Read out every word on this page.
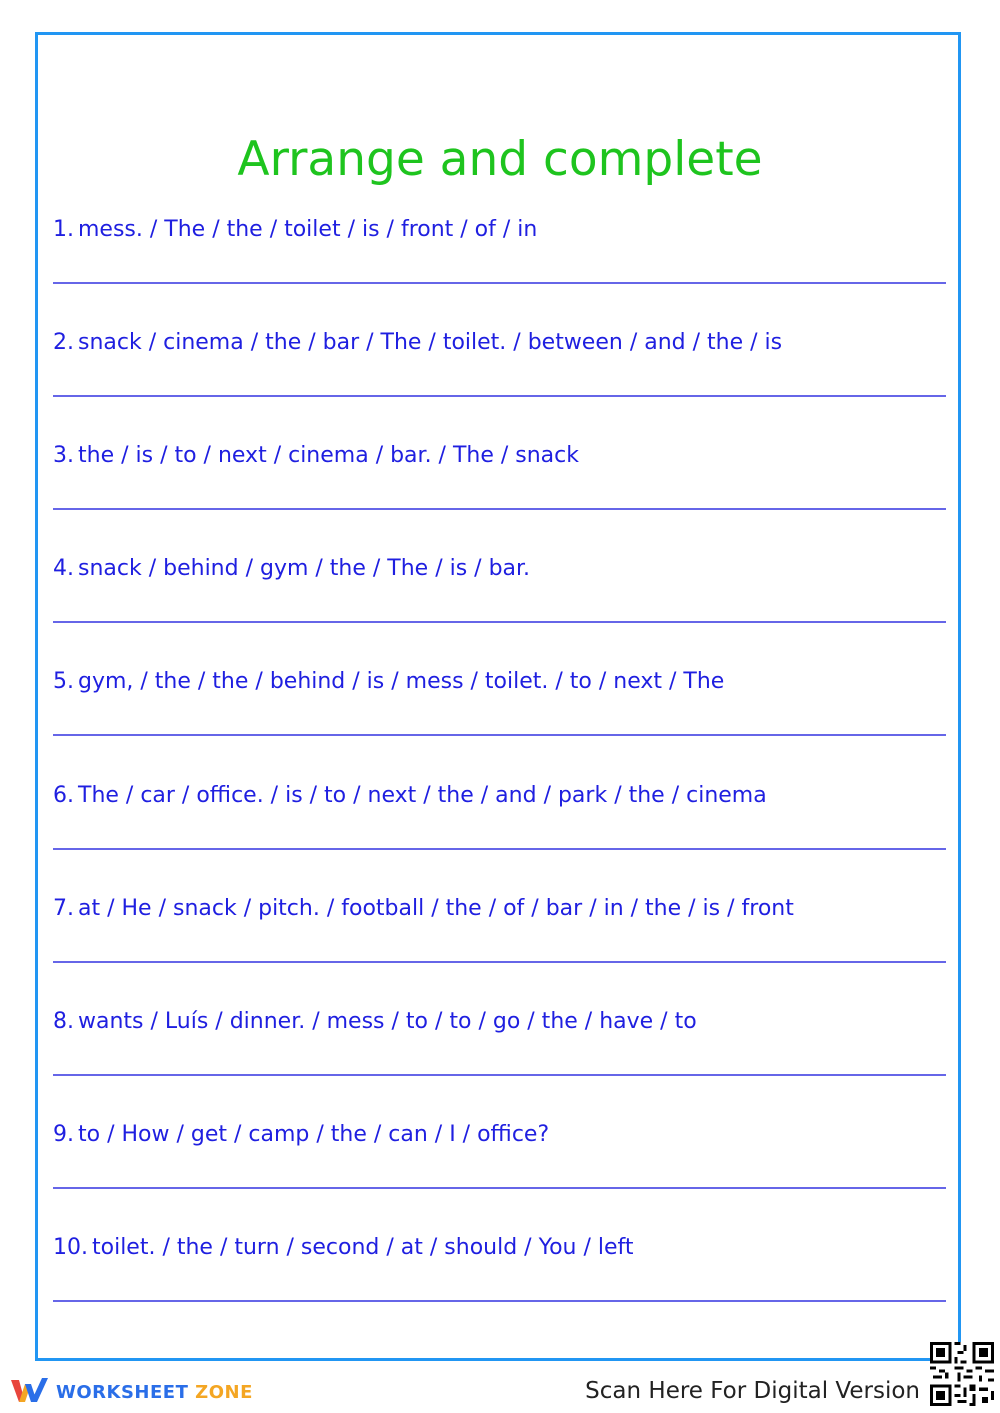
Arrange and complete
1. mess. / The / the / toilet / is / front / of / in
2. snack / cinema / the / bar / The / toilet. / between / and / the / is
3. the / is / to / next / cinema / bar. / The / snack
4. snack / behind / gym / the / The / is / bar.
5. gym, / the / the / behind / is / mess / toilet. / to / next / The
6. The / car / office. / is / to / next / the / and / park / the / cinema
7. at / He / snack / pitch. / football / the / of / bar / in / the / is / front
8. wants / Luís / dinner. / mess / to / to / go / the / have / to
9. to / How / get / camp / the / can / I / office?
10. toilet. / the / turn / second / at / should / You / left
WORKSHEET ZONE	Scan Here For Digital Version
